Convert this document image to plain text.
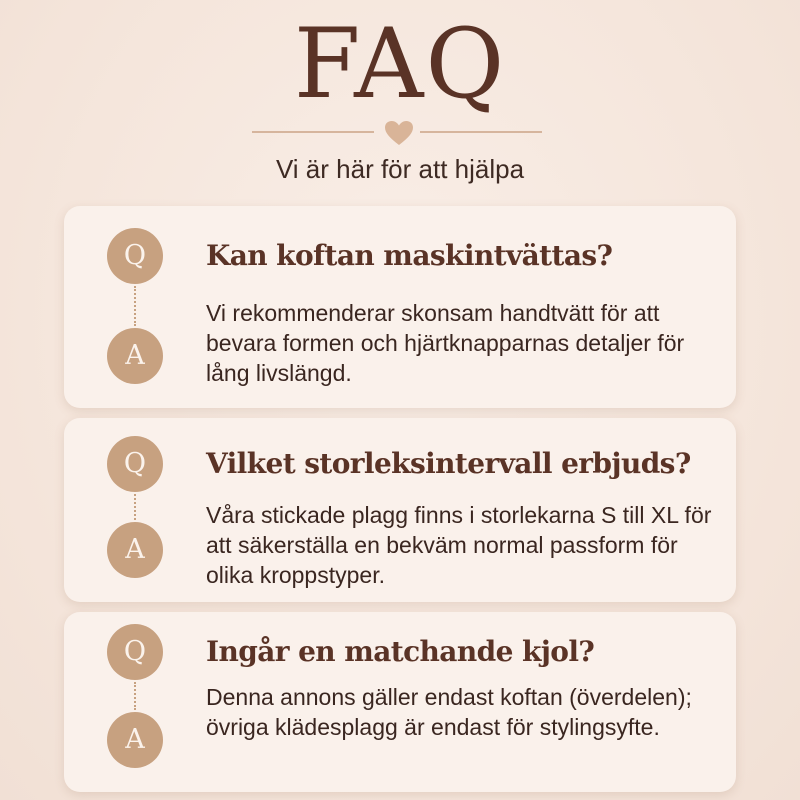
FAQ
Vi är här för att hjälpa
Q
A
Kan koftan maskintvättas?
Vi rekommenderar skonsam handtvätt för att bevara formen och hjärtknapparnas detaljer för lång livslängd.
Q
A
Vilket storleksintervall erbjuds?
Våra stickade plagg finns i storlekarna S till XL för att säkerställa en bekväm normal passform för olika kroppstyper.
Q
A
Ingår en matchande kjol?
Denna annons gäller endast koftan (överdelen); övriga klädesplagg är endast för stylingsyfte.
